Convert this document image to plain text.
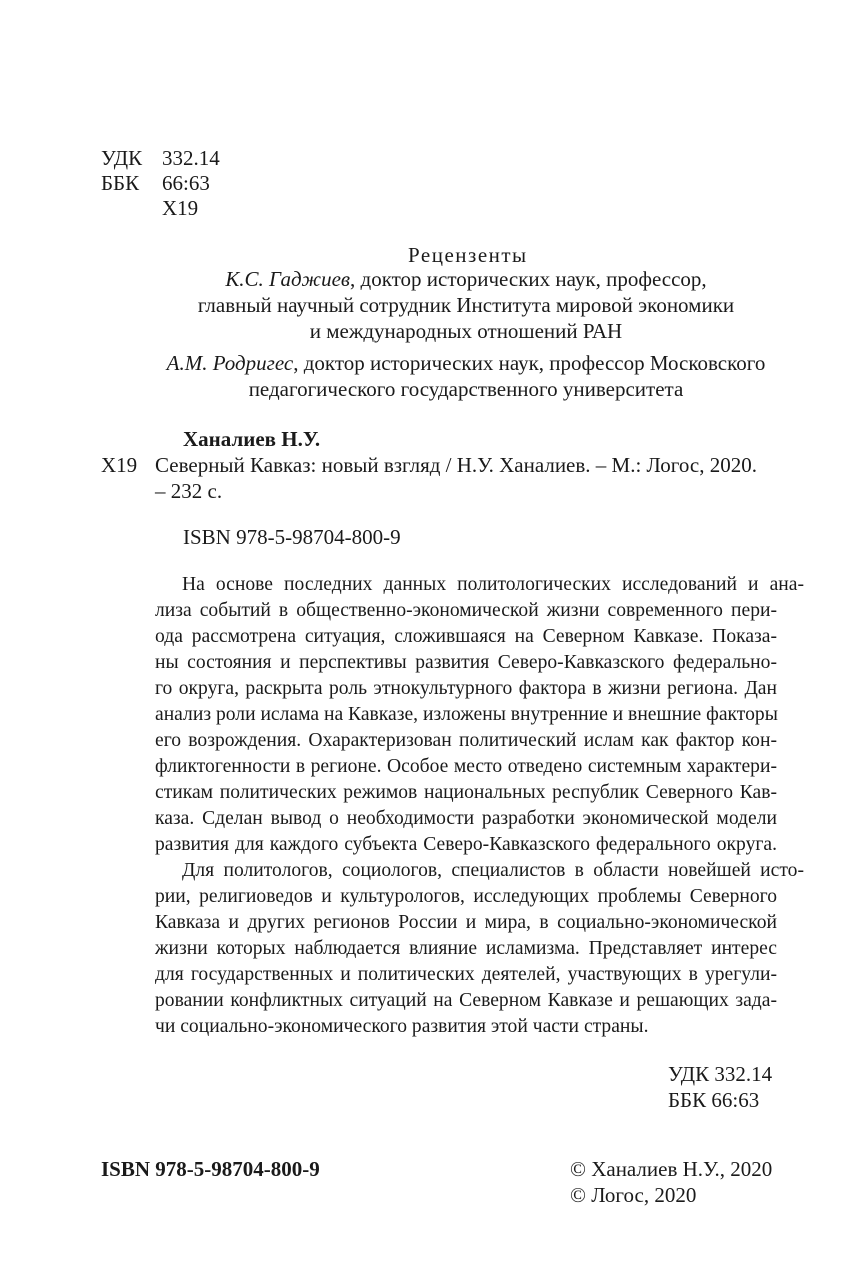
УДК 332.14
ББК 66:63
Х19
Рецензенты
К.С. Гаджиев, доктор исторических наук, профессор,
главный научный сотрудник Института мировой экономики
и международных отношений РАН
А.М. Родригес, доктор исторических наук, профессор Московского
педагогического государственного университета
Ханалиев Н.У.
Х19 Северный Кавказ: новый взгляд / Н.У. Ханалиев. – М.: Логос, 2020.
– 232 с.
ISBN 978-5-98704-800-9
На основе последних данных политологических исследований и ана-
лиза событий в общественно-экономической жизни современного пери-
ода рассмотрена ситуация, сложившаяся на Северном Кавказе. Показа-
ны состояния и перспективы развития Северо-Кавказского федерально-
го округа, раскрыта роль этнокультурного фактора в жизни региона. Дан
анализ роли ислама на Кавказе, изложены внутренние и внешние факторы
его возрождения. Охарактеризован политический ислам как фактор кон-
фликтогенности в регионе. Особое место отведено системным характери-
стикам политических режимов национальных республик Северного Кав-
каза. Сделан вывод о необходимости разработки экономической модели
развития для каждого субъекта Северо-Кавказского федерального округа.
Для политологов, социологов, специалистов в области новейшей исто-
рии, религиоведов и культурологов, исследующих проблемы Северного
Кавказа и других регионов России и мира, в социально-экономической
жизни которых наблюдается влияние исламизма. Представляет интерес
для государственных и политических деятелей, участвующих в урегули-
ровании конфликтных ситуаций на Северном Кавказе и решающих зада-
чи социально-экономического развития этой части страны.
УДК 332.14
ББК 66:63
ISBN 978-5-98704-800-9	© Ханалиев Н.У., 2020
© Логос, 2020
